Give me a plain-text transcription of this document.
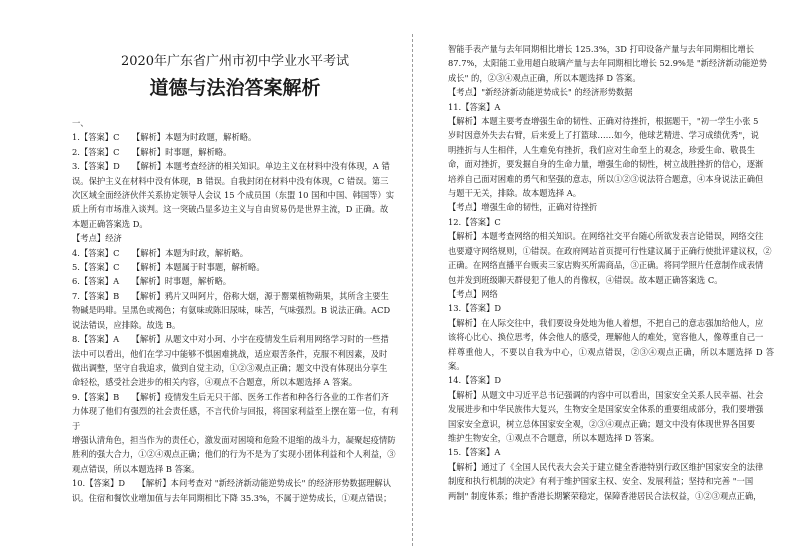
2020年广东省广州市初中学业水平考试
道德与法治答案解析
一、
1.【答案】C　　【解析】本题为时政题，解析略。
2.【答案】C　　【解析】时事题，解析略。
3.【答案】D　　【解析】本题考查经济的相关知识。单边主义在材料中没有体现，A 错
误。保护主义在材料中没有体现，B 错误。自我封闭在材料中没有体现，C 错误。第三
次区域全面经济伙伴关系协定领导人会议 15 个成员国（东盟 10 国和中国、韩国等）实
质上所有市场准入谈判。这一突破凸显多边主义与自由贸易仍是世界主流，D 正确。故
本题正确答案选 D。
【考点】经济
4.【答案】C　　【解析】本题为时政，解析略。
5.【答案】C　　【解析】本题属于时事题，解析略。
6.【答案】A　　【解析】时事题，解析略。
7.【答案】B　　【解析】鸦片又叫阿片，俗称大烟，源于罂粟植物蒴果，其所含主要生
物碱是吗啡。呈黑色或褐色；有氨味或陈旧尿味，味苦，气味强烈。B 说法正确。ACD
说法错误，应排除。故选 B。
8.【答案】A　　【解析】从题文中对小珂、小宇在疫情发生后利用网络学习时的一些措
法中可以看出，他们在学习中能够不惧困难挑战，适应艰苦条件，克服不利因素，及时
做出调整，坚守自我追求，做到自觉主动，①②③观点正确；题文中没有体现出分享生
命轻松，感受社会进步的相关内容，④观点不合题意，所以本题选择 A 答案。
9.【答案】B　　【解析】疫情发生后无只干部、医务工作者和种各行各业的工作者们齐
力体现了他们有强烈的社会责任感，不言代价与回报，将国家利益至上摆在第一位，有利于
增强认清角色，担当作为的责任心，激发面对困境和危险不退缩的战斗力，凝聚起疫情防
胜利的强大合力，①②④观点正确；他们的行为不是为了实现小团体利益和个人利益，③
观点错误，所以本题选择 B 答案。
10.【答案】D　　【解析】本问考查对 "新经济新动能逆势成长" 的经济形势数据理解认
识。住宿和餐饮业增加值与去年同期相比下降 35.3%，不属于逆势成长，①观点错误；
智能手表产量与去年同期相比增长 125.3%，3D 打印设备产量与去年同期相比增长
87.7%，太阳能工业用超白玻璃产量与去年同期相比增长 52.9%是 "新经济新动能逆势
成长" 的，②③④观点正确，所以本题选择 D 答案。
【考点】"新经济新动能逆势成长" 的经济形势数据
11.【答案】A
【解析】本题主要考查增强生命的韧性、正确对待挫折，根据题干，"初一学生小张 5
岁时因意外失去右臂，后来爱上了打篮球……如今，他球艺精进、学习成绩优秀"，说
明挫折与人生相伴，人生难免有挫折，我们应对生命至上的观念，珍爱生命、敬畏生
命，面对挫折，要发掘自身的生命力量，增强生命的韧性，树立战胜挫折的信心，逐渐
培养自己面对困难的勇气和坚强的意志，所以①②③说法符合题意，④本身说法正确但
与题干无关，排除。故本题选择 A。
【考点】增强生命的韧性，正确对待挫折
12.【答案】C
【解析】本题考查网络的相关知识。在网络社交平台随心所欲发表言论错误，网络交往
也要遵守网络规则，①错误。在政府网站首页提可行性建议属于正确行使批评建议权，②
正确。在网络直播平台贩卖三家店购买所需商品，③正确。将同学照片任意制作成表情
包并发到班级聊天群侵犯了他人的肖像权，④错误。故本题正确答案选 C。
【考点】网络
13.【答案】D
【解析】在人际交往中，我们要设身处地为他人着想，不把自己的意志强加给他人，应
该将心比心、换位思考，体会他人的感受，理解他人的难处，宽容他人，像尊重自己一
样尊重他人，不要以自我为中心，①观点错误，②③④观点正确，所以本题选择 D 答案。
14.【答案】D
【解析】从题文中习近平总书记强调的内容中可以看出，国家安全关系人民幸福、社会
发展进步和中华民族伟大复兴，生物安全是国家安全体系的重要组成部分，我们要增强
国家安全意识，树立总体国家安全观，②③④观点正确；题文中没有体现世界各国要
维护生物安全，①观点不合题意，所以本题选择 D 答案。
15.【答案】A
【解析】通过了《全国人民代表大会关于建立健全香港特别行政区维护国家安全的法律
制度和执行机制的决定》有利于维护国家主权、安全、发展利益；坚持和完善 "一国
两制" 制度体系；维护香港长期繁荣稳定，保障香港居民合法权益，①②③观点正确，
